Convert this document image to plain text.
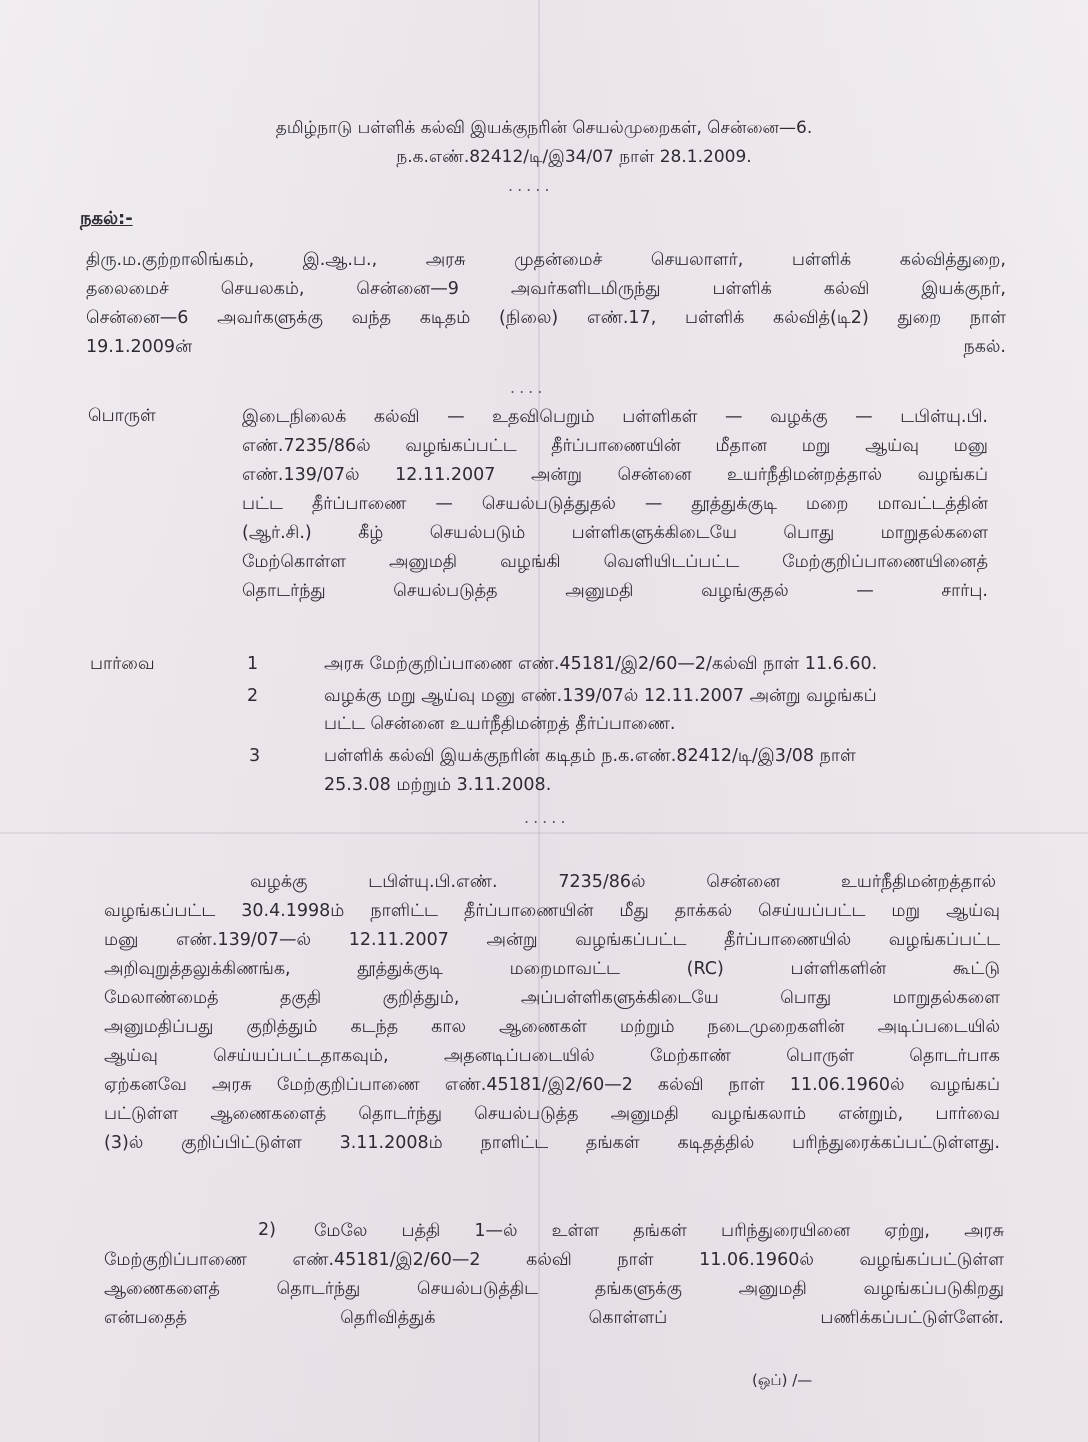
தமிழ்நாடு பள்ளிக் கல்வி இயக்குநரின் செயல்முறைகள், சென்னை—6.
ந.க.எண்.82412/டி/இ34/07 நாள் 28.1.2009.
.....
நகல்:-
திரு.ம.குற்றாலிங்கம், இ.ஆ.ப., அரசு முதன்மைச் செயலாளர், பள்ளிக் கல்வித்துறை,
தலைமைச் செயலகம், சென்னை—9 அவர்களிடமிருந்து பள்ளிக் கல்வி இயக்குநர்,
சென்னை—6 அவர்களுக்கு வந்த கடிதம் (நிலை) எண்.17, பள்ளிக் கல்வித்(டி2) துறை நாள்
19.1.2009ன் நகல்.
....
பொருள்	இடைநிலைக் கல்வி — உதவிபெறும் பள்ளிகள் — வழக்கு — டபிள்யு.பி.
எண்.7235/86ல் வழங்கப்பட்ட தீர்ப்பாணையின் மீதான மறு ஆய்வு மனு
எண்.139/07ல் 12.11.2007 அன்று சென்னை உயர்நீதிமன்றத்தால் வழங்கப்
பட்ட தீர்ப்பாணை — செயல்படுத்துதல் — தூத்துக்குடி மறை மாவட்டத்தின்
(ஆர்.சி.) கீழ் செயல்படும் பள்ளிகளுக்கிடையே பொது மாறுதல்களை
மேற்கொள்ள அனுமதி வழங்கி வெளியிடப்பட்ட மேற்குறிப்பாணையினைத்
தொடர்ந்து செயல்படுத்த அனுமதி வழங்குதல் — சார்பு.
பார்வை	1	அரசு மேற்குறிப்பாணை எண்.45181/இ2/60—2/கல்வி நாள் 11.6.60.
2	வழக்கு மறு ஆய்வு மனு எண்.139/07ல் 12.11.2007 அன்று வழங்கப்
பட்ட சென்னை உயர்நீதிமன்றத் தீர்ப்பாணை.
3	பள்ளிக் கல்வி இயக்குநரின் கடிதம் ந.க.எண்.82412/டி/இ3/08 நாள்
25.3.08 மற்றும் 3.11.2008.
.....
வழக்கு டபிள்யு.பி.எண். 7235/86ல் சென்னை உயர்நீதிமன்றத்தால்
வழங்கப்பட்ட 30.4.1998ம் நாளிட்ட தீர்ப்பாணையின் மீது தாக்கல் செய்யப்பட்ட மறு ஆய்வு
மனு எண்.139/07—ல் 12.11.2007 அன்று வழங்கப்பட்ட தீர்ப்பாணையில் வழங்கப்பட்ட
அறிவுறுத்தலுக்கிணங்க, தூத்துக்குடி மறைமாவட்ட (RC) பள்ளிகளின் கூட்டு
மேலாண்மைத் தகுதி குறித்தும், அப்பள்ளிகளுக்கிடையே பொது மாறுதல்களை
அனுமதிப்பது குறித்தும் கடந்த கால ஆணைகள் மற்றும் நடைமுறைகளின் அடிப்படையில்
ஆய்வு செய்யப்பட்டதாகவும், அதனடிப்படையில் மேற்காண் பொருள் தொடர்பாக
ஏற்கனவே அரசு மேற்குறிப்பாணை எண்.45181/இ2/60—2 கல்வி நாள் 11.06.1960ல் வழங்கப்
பட்டுள்ள ஆணைகளைத் தொடர்ந்து செயல்படுத்த அனுமதி வழங்கலாம் என்றும், பார்வை
(3)ல் குறிப்பிட்டுள்ள 3.11.2008ம் நாளிட்ட தங்கள் கடிதத்தில் பரிந்துரைக்கப்பட்டுள்ளது.
2) மேலே பத்தி 1—ல் உள்ள தங்கள் பரிந்துரையினை ஏற்று, அரசு
மேற்குறிப்பாணை எண்.45181/இ2/60—2 கல்வி நாள் 11.06.1960ல் வழங்கப்பட்டுள்ள
ஆணைகளைத் தொடர்ந்து செயல்படுத்திட தங்களுக்கு அனுமதி வழங்கப்படுகிறது
என்பதைத் தெரிவித்துக் கொள்ளப் பணிக்கப்பட்டுள்ளேன்.
(ஒப்) /—
